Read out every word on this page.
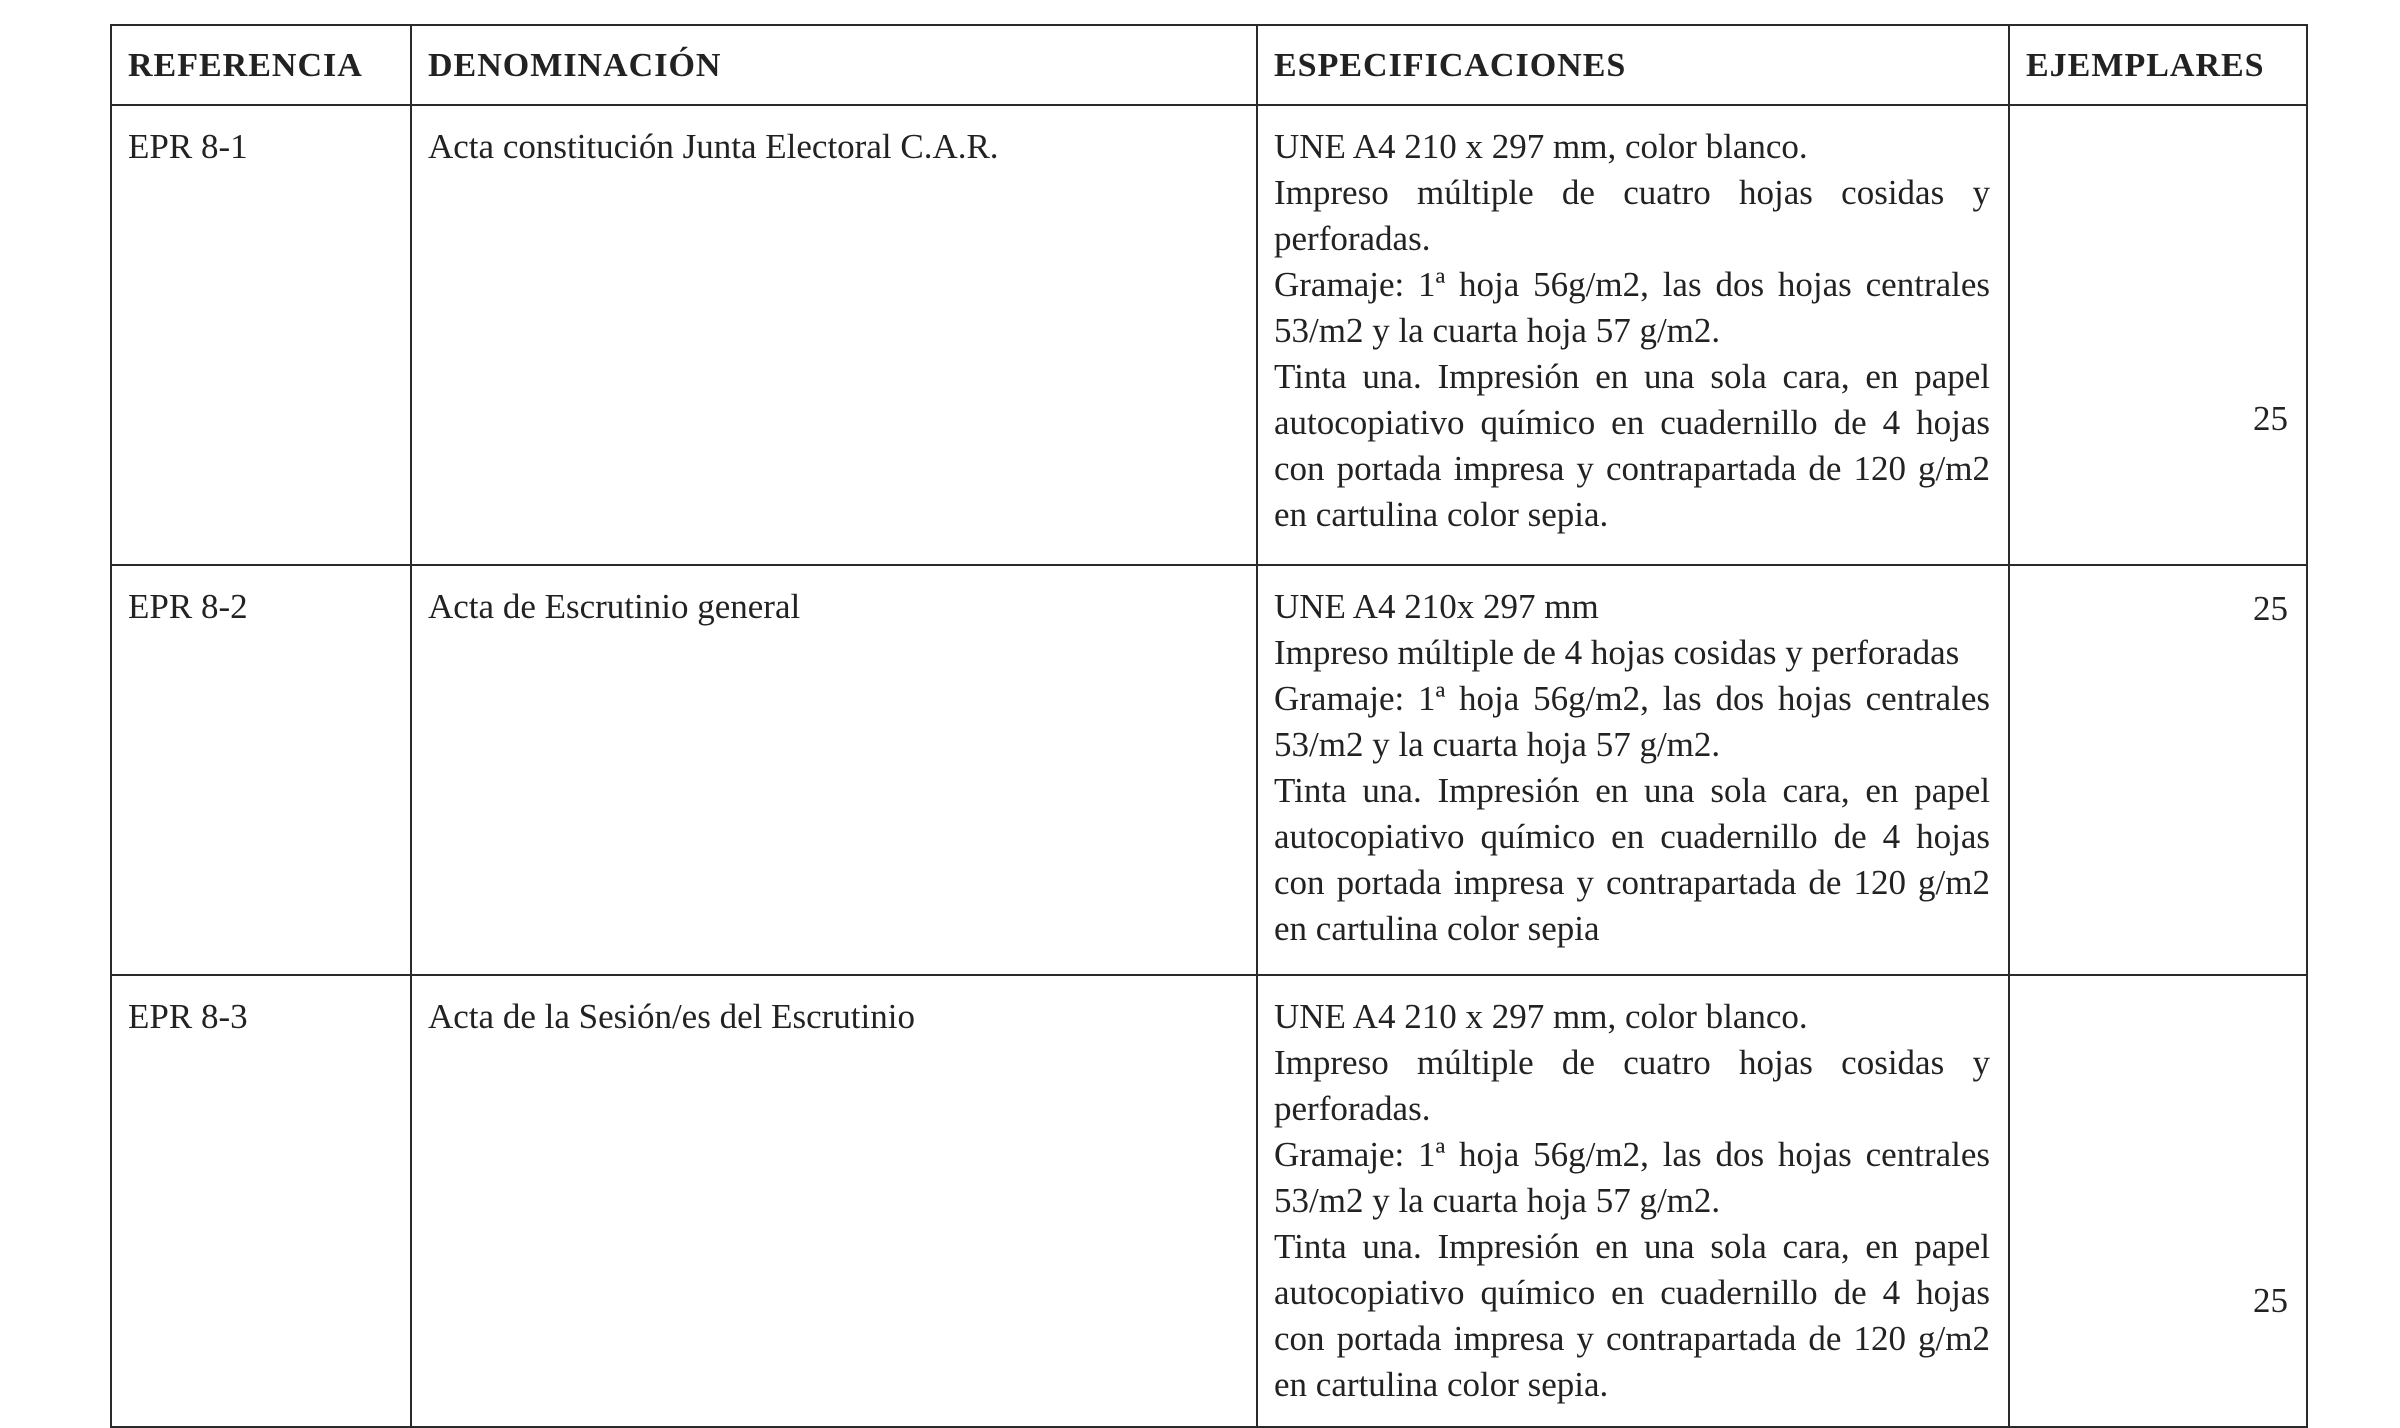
REFERENCIA	DENOMINACIÓN	ESPECIFICACIONES	EJEMPLARES
EPR 8-1	Acta constitución Junta Electoral C.A.R.	UNE A4 210 x 297 mm, color blanco.
Impreso múltiple de cuatro hojas cosidas y perforadas.
Gramaje: 1ª hoja 56g/m2, las dos hojas centrales 53/m2 y la cuarta hoja 57 g/m2.
Tinta una. Impresión en una sola cara, en papel autocopiativo químico en cuadernillo de 4 hojas con portada impresa y contrapartada de 120 g/m2 en cartulina color sepia.	25

EPR 8-2	Acta de Escrutinio general	UNE A4 210x 297 mm
Impreso múltiple de 4 hojas cosidas y perforadas
Gramaje: 1ª hoja 56g/m2, las dos hojas centrales 53/m2 y la cuarta hoja 57 g/m2.
Tinta una. Impresión en una sola cara, en papel autocopiativo químico en cuadernillo de 4 hojas con portada impresa y contrapartada de 120 g/m2 en cartulina color sepia	25

EPR 8-3	Acta de la Sesión/es del Escrutinio	UNE A4 210 x 297 mm, color blanco.
Impreso múltiple de cuatro hojas cosidas y perforadas.
Gramaje: 1ª hoja 56g/m2, las dos hojas centrales 53/m2 y la cuarta hoja 57 g/m2.
Tinta una. Impresión en una sola cara, en papel autocopiativo químico en cuadernillo de 4 hojas con portada impresa y contrapartada de 120 g/m2 en cartulina color sepia.	25
